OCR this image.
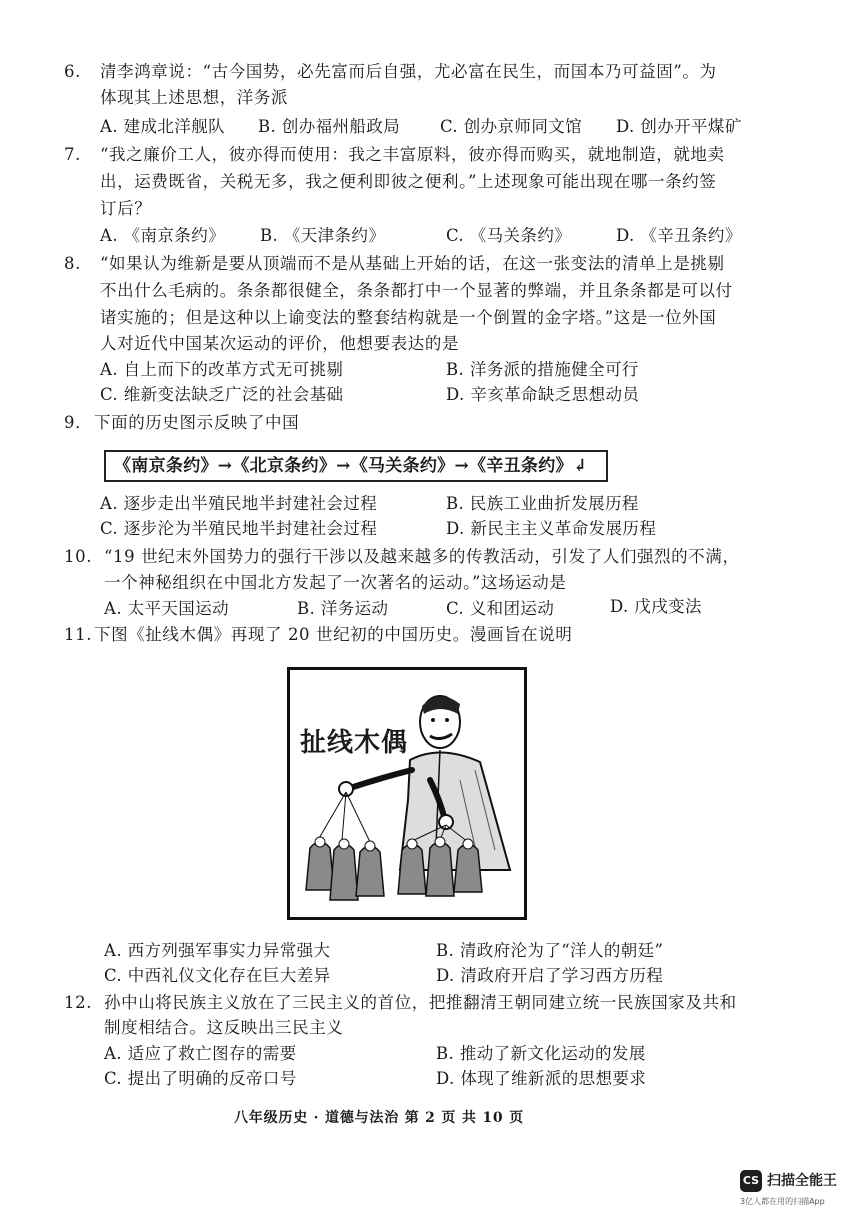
6. 清李鸿章说：“古今国势，必先富而后自强，尤必富在民生，而国本乃可益固”。为
体现其上述思想，洋务派
A. 建成北洋舰队 B. 创办福州船政局 C. 创办京师同文馆 D. 创办开平煤矿
7. “我之廉价工人，彼亦得而使用：我之丰富原料，彼亦得而购买，就地制造，就地卖
出，运费既省，关税无多，我之便利即彼之便利。”上述现象可能出现在哪一条约签
订后？
A. 《南京条约》 B. 《天津条约》	C. 《马关条约》	D. 《辛丑条约》
8. “如果认为维新是要从顶端而不是从基础上开始的话，在这一张变法的清单上是挑剔
不出什么毛病的。条条都很健全，条条都打中一个显著的弊端，并且条条都是可以付
诸实施的；但是这种以上谕变法的整套结构就是一个倒置的金字塔。”这是一位外国
人对近代中国某次运动的评价，他想要表达的是
A. 自上而下的改革方式无可挑剔	B. 洋务派的措施健全可行
C. 维新变法缺乏广泛的社会基础	D. 辛亥革命缺乏思想动员
9． 下面的历史图示反映了中国
《南京条约》→《北京条约》→《马关条约》→《辛丑条约》↲
A. 逐步走出半殖民地半封建社会过程	B. 民族工业曲折发展历程
C. 逐步沦为半殖民地半封建社会过程	D. 新民主主义革命发展历程
10. “19 世纪末外国势力的强行干涉以及越来越多的传教活动，引发了人们强烈的不满，
一个神秘组织在中国北方发起了一次著名的运动。”这场运动是
A. 太平天国运动	B. 洋务运动	C. 义和团运动	D. 戊戌变法
11. 下图《扯线木偶》再现了 20 世纪初的中国历史。漫画旨在说明
扯线木偶
A. 西方列强军事实力异常强大	B. 清政府沦为了“洋人的朝廷”
C. 中西礼仪文化存在巨大差异	D. 清政府开启了学习西方历程
12. 孙中山将民族主义放在了三民主义的首位，把推翻清王朝同建立统一民族国家及共和
制度相结合。这反映出三民主义
A. 适应了救亡图存的需要	B. 推动了新文化运动的发展
C. 提出了明确的反帝口号	D. 体现了维新派的思想要求
八年级历史 · 道德与法治 第 2 页 共 10 页
CS 扫描全能王
3亿人都在用的扫描App
